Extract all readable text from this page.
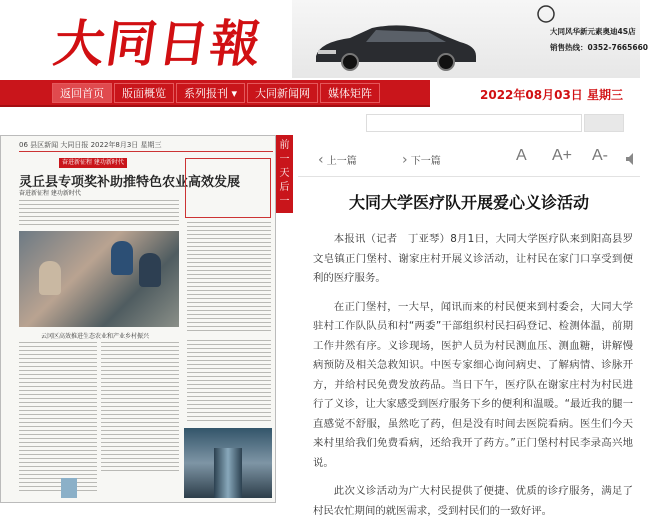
大同日報	大同风华新元素奥迪4S店
销售热线：0352-7665660
返回首页	版面概览	系列报刊 ▾	大同新闻网	媒体矩阵	2022年08月03日 星期三
06 县区新闻 大同日报 2022年8月3日 星期三
奋进新征程 建功新时代
灵丘县专项奖补助推特色农业高效发展
奋进新征程 建功新时代
云冈区高效推进生态农业和产业乡村振兴
前
一
天
后
一
‹ 上一篇	› 下一篇	A A+ A-
大同大学医疗队开展爱心义诊活动

本报讯（记者　丁亚琴）8月1日，大同大学医疗队来到阳高县罗文皂镇正门堡村、谢家庄村开展义诊活动，让村民在家门口享受到便利的医疗服务。

在正门堡村，一大早，闻讯而来的村民便来到村委会，大同大学驻村工作队队员和村“两委”干部组织村民扫码登记、检测体温，前期工作井然有序。义诊现场，医护人员为村民测血压、测血糖，讲解慢病预防及相关急救知识。中医专家细心询问病史、了解病情、诊脉开方，并给村民免费发放药品。当日下午，医疗队在谢家庄村为村民进行了义诊，让大家感受到医疗服务下乡的便利和温暖。“最近我的腿一直感觉不舒服，虽然吃了药，但是没有时间去医院看病。医生们今天来村里给我们免费看病，还给我开了药方。”正门堡村村民李录高兴地说。

此次义诊活动为广大村民提供了便捷、优质的诊疗服务，满足了村民农忙期间的就医需求，受到村民们的一致好评。
